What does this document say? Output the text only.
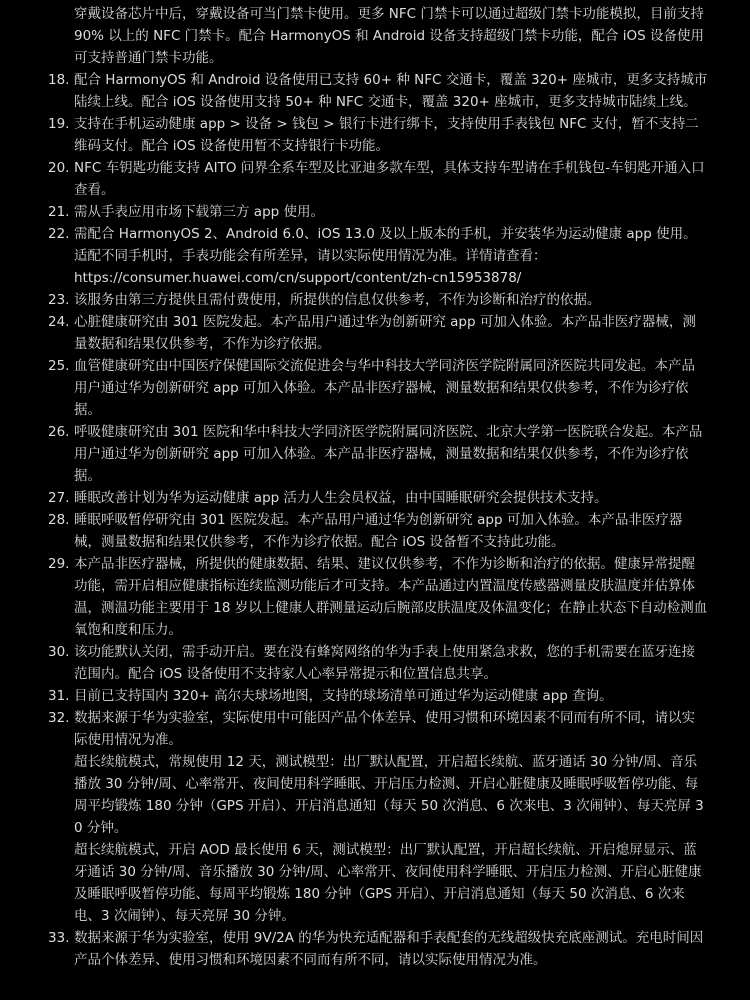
穿戴设备芯片中后，穿戴设备可当门禁卡使用。更多 NFC 门禁卡可以通过超级门禁卡功能模拟，目前支持 90% 以上的 NFC 门禁卡。配合 HarmonyOS 和 Android 设备支持超级门禁卡功能，配合 iOS 设备使用可支持普通门禁卡功能。

18. 配合 HarmonyOS 和 Android 设备使用已支持 60+ 种 NFC 交通卡，覆盖 320+ 座城市，更多支持城市陆续上线。配合 iOS 设备使用支持 50+ 种 NFC 交通卡，覆盖 320+ 座城市，更多支持城市陆续上线。
19. 支持在手机运动健康 app > 设备 > 钱包 > 银行卡进行绑卡，支持使用手表钱包 NFC 支付，暂不支持二维码支付。配合 iOS 设备使用暂不支持银行卡功能。
20. NFC 车钥匙功能支持 AITO 问界全系车型及比亚迪多款车型，具体支持车型请在手机钱包-车钥匙开通入口查看。
21. 需从手表应用市场下载第三方 app 使用。
22. 需配合 HarmonyOS 2、Android 6.0、iOS 13.0 及以上版本的手机，并安装华为运动健康 app 使用。适配不同手机时，手表功能会有所差异，请以实际使用情况为准。详情请查看：
https://consumer.huawei.com/cn/support/content/zh-cn15953878/
23. 该服务由第三方提供且需付费使用，所提供的信息仅供参考，不作为诊断和治疗的依据。
24. 心脏健康研究由 301 医院发起。本产品用户通过华为创新研究 app 可加入体验。本产品非医疗器械，测量数据和结果仅供参考，不作为诊疗依据。
25. 血管健康研究由中国医疗保健国际交流促进会与华中科技大学同济医学院附属同济医院共同发起。本产品用户通过华为创新研究 app 可加入体验。本产品非医疗器械，测量数据和结果仅供参考，不作为诊疗依据。
26. 呼吸健康研究由 301 医院和华中科技大学同济医学院附属同济医院、北京大学第一医院联合发起。本产品用户通过华为创新研究 app 可加入体验。本产品非医疗器械，测量数据和结果仅供参考，不作为诊疗依据。
27. 睡眠改善计划为华为运动健康 app 活力人生会员权益，由中国睡眠研究会提供技术支持。
28. 睡眠呼吸暂停研究由 301 医院发起。本产品用户通过华为创新研究 app 可加入体验。本产品非医疗器械，测量数据和结果仅供参考，不作为诊疗依据。配合 iOS 设备暂不支持此功能。
29. 本产品非医疗器械，所提供的健康数据、结果、建议仅供参考，不作为诊断和治疗的依据。健康异常提醒功能，需开启相应健康指标连续监测功能后才可支持。本产品通过内置温度传感器测量皮肤温度并估算体温，测温功能主要用于 18 岁以上健康人群测量运动后腕部皮肤温度及体温变化；在静止状态下自动检测血氧饱和度和压力。
30. 该功能默认关闭，需手动开启。要在没有蜂窝网络的华为手表上使用紧急求救，您的手机需要在蓝牙连接范围内。配合 iOS 设备使用不支持家人心率异常提示和位置信息共享。
31. 目前已支持国内 320+ 高尔夫球场地图，支持的球场清单可通过华为运动健康 app 查询。
32. 数据来源于华为实验室，实际使用中可能因产品个体差异、使用习惯和环境因素不同而有所不同，请以实际使用情况为准。

超长续航模式，常规使用 12 天，测试模型：出厂默认配置，开启超长续航、蓝牙通话 30 分钟/周、音乐播放 30 分钟/周、心率常开、夜间使用科学睡眠、开启压力检测、开启心脏健康及睡眠呼吸暂停功能、每周平均锻炼 180 分钟（GPS 开启）、开启消息通知（每天 50 次消息、6 次来电、3 次闹钟）、每天亮屏 30 分钟。

超长续航模式，开启 AOD 最长使用 6 天，测试模型：出厂默认配置，开启超长续航、开启熄屏显示、蓝牙通话 30 分钟/周、音乐播放 30 分钟/周、心率常开、夜间使用科学睡眠、开启压力检测、开启心脏健康及睡眠呼吸暂停功能、每周平均锻炼 180 分钟（GPS 开启）、开启消息通知（每天 50 次消息、6 次来电、3 次闹钟）、每天亮屏 30 分钟。

33. 数据来源于华为实验室，使用 9V/2A 的华为快充适配器和手表配套的无线超级快充底座测试。充电时间因产品个体差异、使用习惯和环境因素不同而有所不同，请以实际使用情况为准。
